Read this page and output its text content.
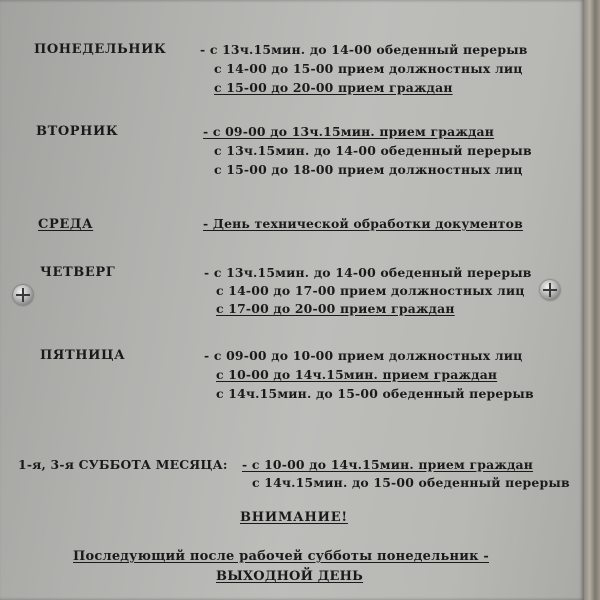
ПОНЕДЕЛЬНИК	- с 13ч.15мин. до 14-00 обеденный перерыв
с 14-00 до 15-00 прием должностных лиц
с 15-00 до 20-00 прием граждан
ВТОРНИК	- с 09-00 до 13ч.15мин. прием граждан
с 13ч.15мин. до 14-00 обеденный перерыв
с 15-00 до 18-00 прием должностных лиц
СРЕДА	- День технической обработки документов
ЧЕТВЕРГ	- с 13ч.15мин. до 14-00 обеденный перерыв
с 14-00 до 17-00 прием должностных лиц
с 17-00 до 20-00 прием граждан
ПЯТНИЦА	- с 09-00 до 10-00 прием должностных лиц
с 10-00 до 14ч.15мин. прием граждан
с 14ч.15мин. до 15-00 обеденный перерыв
1-я, 3-я СУББОТА МЕСЯЦА: - с 10-00 до 14ч.15мин. прием граждан
с 14ч.15мин. до 15-00 обеденный перерыв
ВНИМАНИЕ!
Последующий после рабочей субботы понедельник -
ВЫХОДНОЙ ДЕНЬ
